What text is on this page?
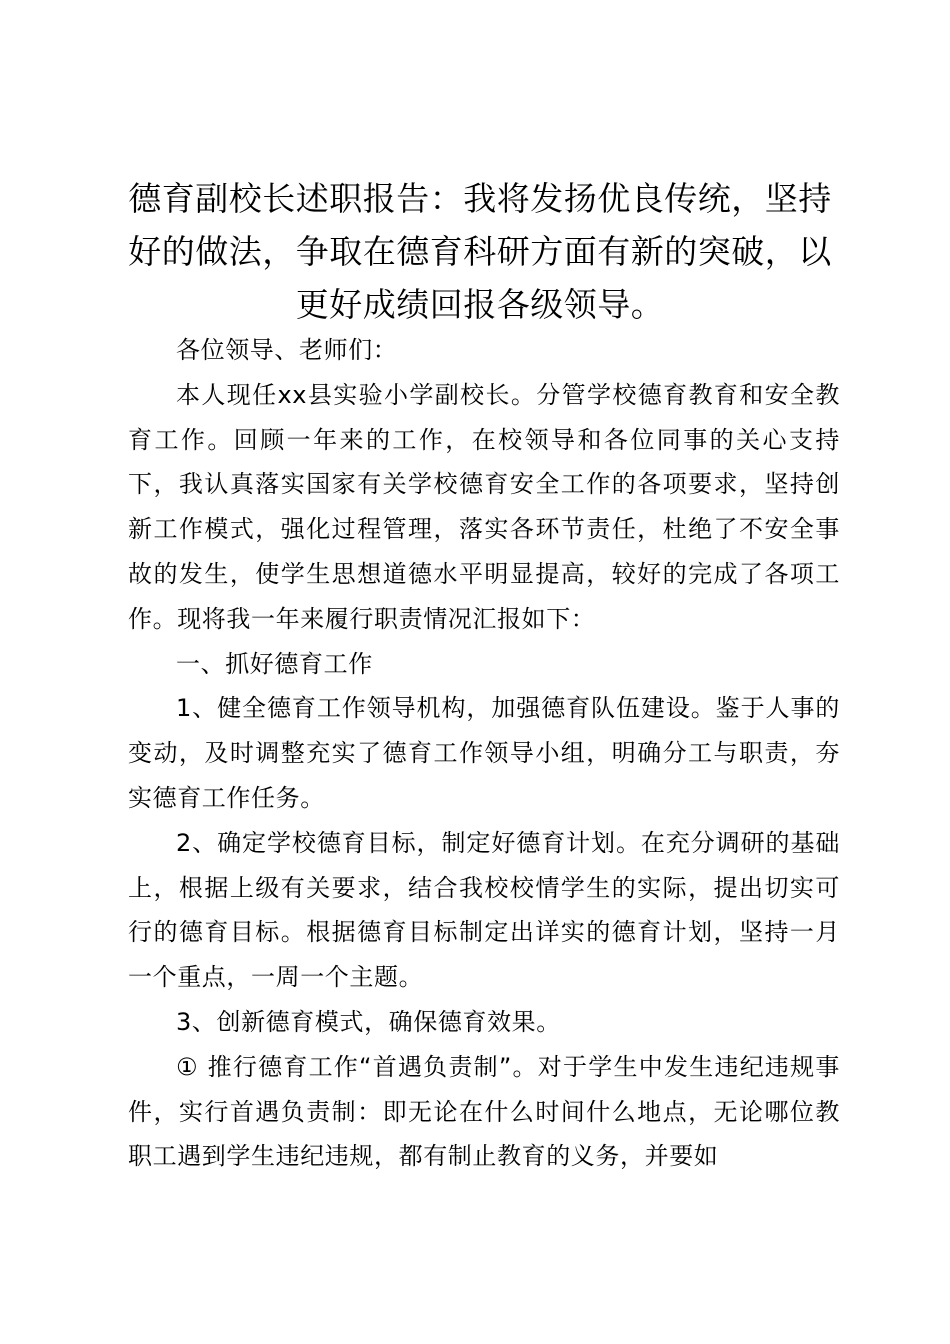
德育副校长述职报告：我将发扬优良传统，坚持好的做法，争取在德育科研方面有新的突破，以更好成绩回报各级领导。

各位领导、老师们：

本人现任xx县实验小学副校长。分管学校德育教育和安全教育工作。回顾一年来的工作，在校领导和各位同事的关心支持下，我认真落实国家有关学校德育安全工作的各项要求，坚持创新工作模式，强化过程管理，落实各环节责任，杜绝了不安全事故的发生，使学生思想道德水平明显提高，较好的完成了各项工作。现将我一年来履行职责情况汇报如下：

一、抓好德育工作

1、健全德育工作领导机构，加强德育队伍建设。鉴于人事的变动，及时调整充实了德育工作领导小组，明确分工与职责，夯实德育工作任务。

2、确定学校德育目标，制定好德育计划。在充分调研的基础上，根据上级有关要求，结合我校校情学生的实际，提出切实可行的德育目标。根据德育目标制定出详实的德育计划，坚持一月一个重点，一周一个主题。

3、创新德育模式，确保德育效果。

① 推行德育工作“首遇负责制”。对于学生中发生违纪违规事件，实行首遇负责制：即无论在什么时间什么地点，无论哪位教职工遇到学生违纪违规，都有制止教育的义务，并要如
